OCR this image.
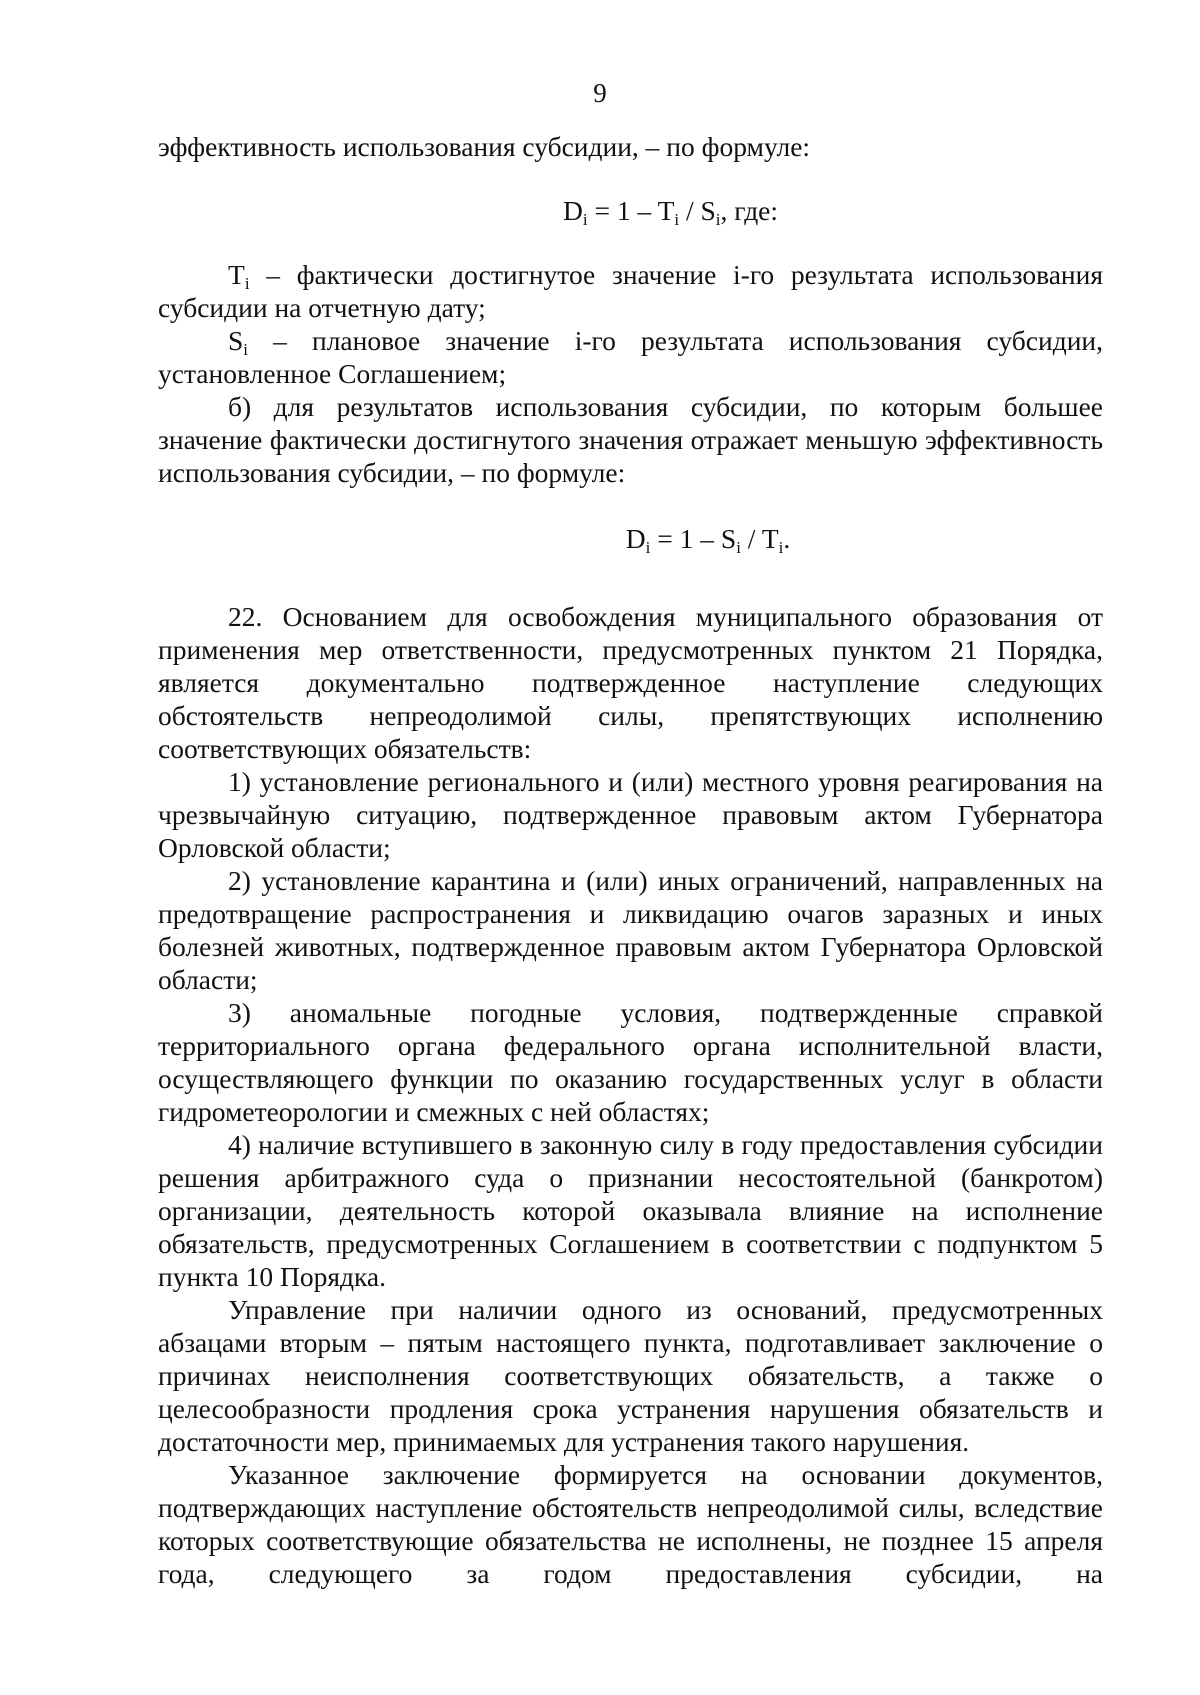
9

эффективность использования субсидии, – по формуле:

$D_i = 1 - T_i / S_i$, где:

$T_i$ – фактически достигнутое значение i-го результата использования субсидии на отчетную дату;

$S_i$ – плановое значение i-го результата использования субсидии, установленное Соглашением;

б) для результатов использования субсидии, по которым большее значение фактически достигнутого значения отражает меньшую эффективность использования субсидии, – по формуле:

$D_i = 1 - S_i / T_i$.

22. Основанием для освобождения муниципального образования от применения мер ответственности, предусмотренных пунктом 21 Порядка, является документально подтвержденное наступление следующих обстоятельств непреодолимой силы, препятствующих исполнению соответствующих обязательств:

1) установление регионального и (или) местного уровня реагирования на чрезвычайную ситуацию, подтвержденное правовым актом Губернатора Орловской области;

2) установление карантина и (или) иных ограничений, направленных на предотвращение распространения и ликвидацию очагов заразных и иных болезней животных, подтвержденное правовым актом Губернатора Орловской области;

3) аномальные погодные условия, подтвержденные справкой территориального органа федерального органа исполнительной власти, осуществляющего функции по оказанию государственных услуг в области гидрометеорологии и смежных с ней областях;

4) наличие вступившего в законную силу в году предоставления субсидии решения арбитражного суда о признании несостоятельной (банкротом) организации, деятельность которой оказывала влияние на исполнение обязательств, предусмотренных Соглашением в соответствии с подпунктом 5 пункта 10 Порядка.

Управление при наличии одного из оснований, предусмотренных абзацами вторым – пятым настоящего пункта, подготавливает заключение о причинах неисполнения соответствующих обязательств, а также о целесообразности продления срока устранения нарушения обязательств и достаточности мер, принимаемых для устранения такого нарушения.

Указанное заключение формируется на основании документов, подтверждающих наступление обстоятельств непреодолимой силы, вследствие которых соответствующие обязательства не исполнены, не позднее 15 апреля года, следующего за годом предоставления субсидии, на
